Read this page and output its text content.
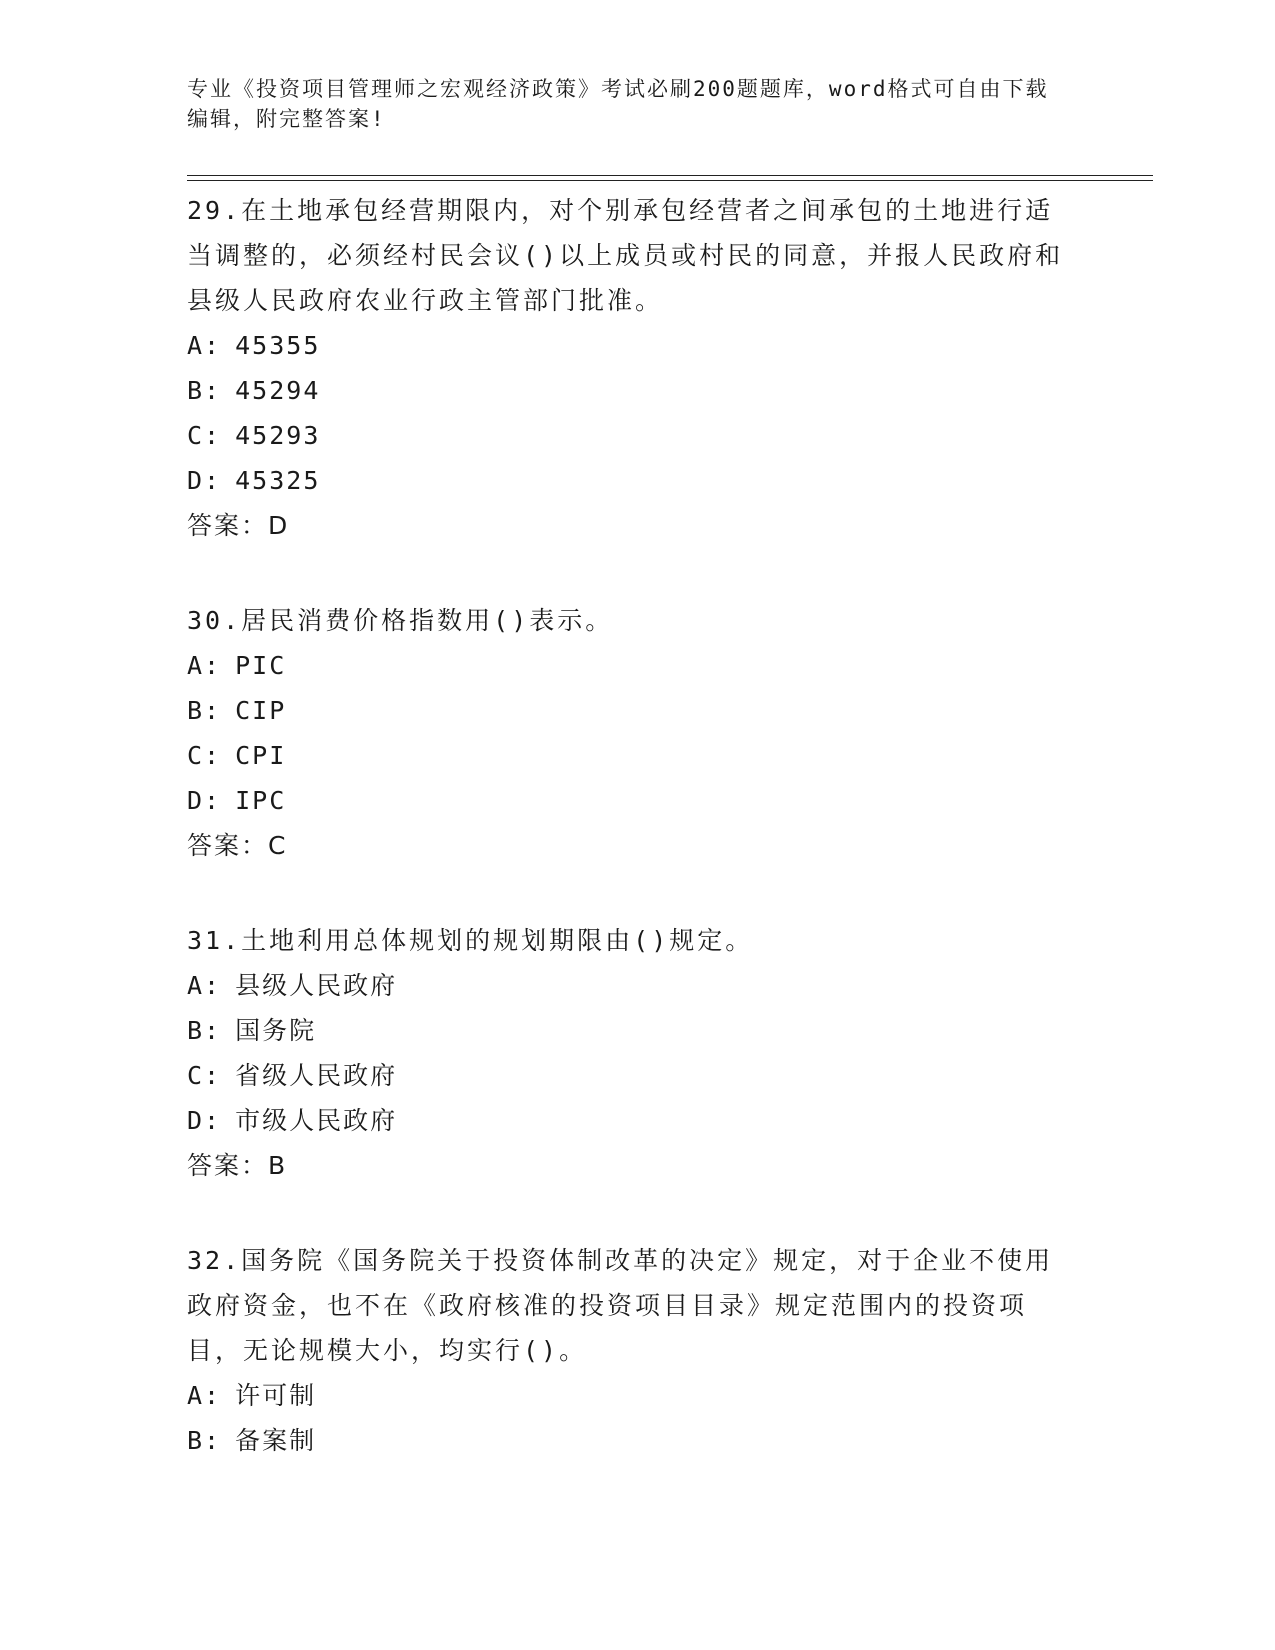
专业《投资项目管理师之宏观经济政策》考试必刷200题题库，word格式可自由下载编辑，附完整答案!

29.在土地承包经营期限内，对个别承包经营者之间承包的土地进行适当调整的，必须经村民会议()以上成员或村民的同意，并报人民政府和县级人民政府农业行政主管部门批准。

A: 45355

B: 45294

C: 45293

D: 45325

答案：D

30.居民消费价格指数用()表示。

A: PIC

B: CIP

C: CPI

D: IPC

答案：C

31.土地利用总体规划的规划期限由()规定。

A: 县级人民政府

B: 国务院

C: 省级人民政府

D: 市级人民政府

答案：B

32.国务院《国务院关于投资体制改革的决定》规定，对于企业不使用政府资金，也不在《政府核准的投资项目目录》规定范围内的投资项目，无论规模大小，均实行()。

A: 许可制

B: 备案制
